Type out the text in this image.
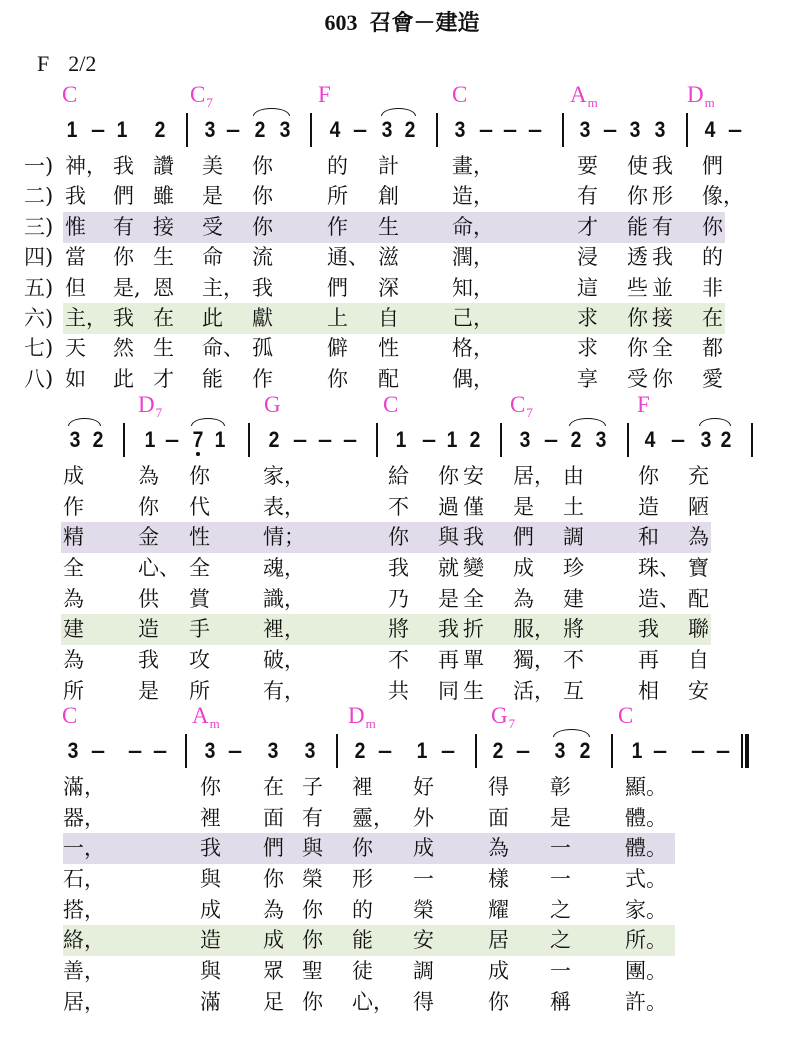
603 召會－建造
F 2/2
C	$C_7$	F	C	$A_m$	$D_m$
1 – 1 2 3 – 2 3 4 – 3 2 3 – – – 3 – 3 3 4 –
一) 神， 我 讚 美 你	的 計	畫，	要 使 我 們
二) 我 們 雖 是 你	所 創	造，	有 你 形 像，
三) 惟 有 接 受 你	作 生	命，	才 能 有 你
四) 當 你 生 命 流	通、 滋	潤，	浸 透 我 的
五) 但 是, 恩 主， 我	們 深	知，	這 些 並 非
六) 主， 我 在 此 獻	上 自	己，	求 你 接 在
七) 天 然 生 命、 孤	僻 性	格，	求 你 全 都
八) 如 此 才 能 作	你 配	偶，	享 受 你 愛
$D_7$	G	C	$C_7$	F
3 2 1 – 7 1 2 – – – 1 – 1 2 3 – 2 3 4 – 3 2
成	為 你	家，	給 你 安 居， 由	你 充
作	你 代	表，	不 過 僅 是 土	造 陋
精	金 性	情；	你 與 我 們 調	和 為
全	心、 全	魂，	我 就 變 成 珍	珠、 寶
為	供 賞	識，	乃 是 全 為 建	造、 配
建	造 手	裡，	將 我 折 服， 將	我 聯
為	我 攻	破，	不 再 單 獨， 不	再 自
所	是 所	有，	共 同 生 活， 互	相 安
C	$A_m$	$D_m$	$G_7$	C
3 – – – 3 – 3 3 2 – 1 – 2 – 3 2 1 – – –
滿，	你 在 子 裡 好	得 彰	顯。
器，	裡 面 有 靈， 外	面 是	體。
一，	我 們 與 你 成	為 一	體。
石，	與 你 榮 形 一	樣 一	式。
搭，	成 為 你 的 榮	耀 之	家。
絡，	造 成 你 能 安	居 之	所。
善，	與 眾 聖 徒 調	成 一	團。
居，	滿 足 你 心， 得	你 稱	許。
